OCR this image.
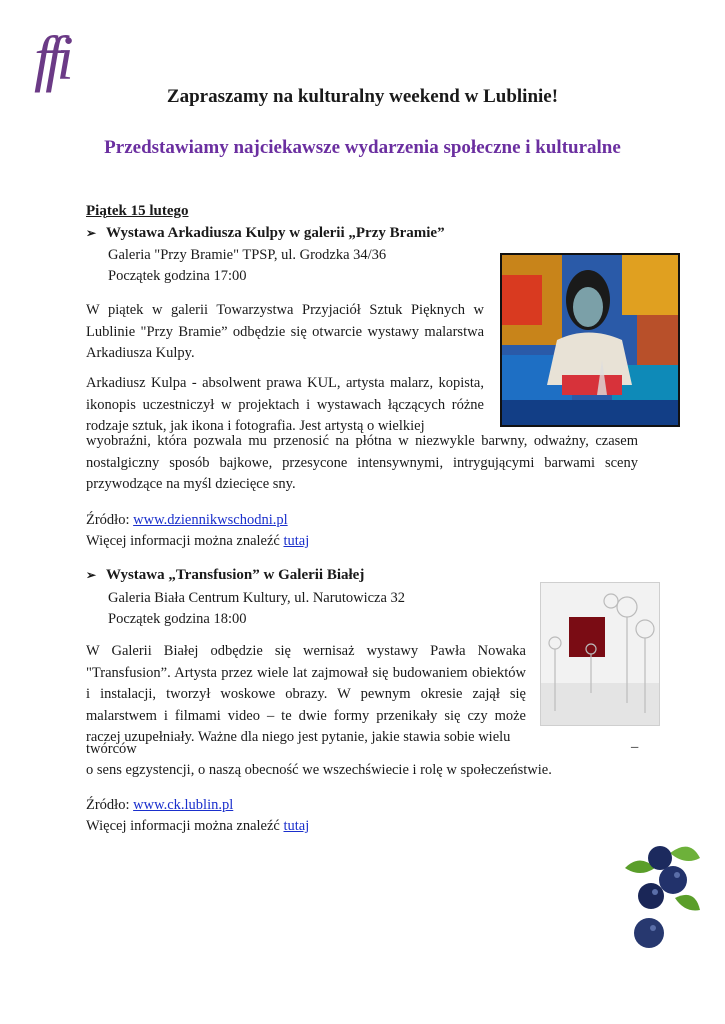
ffi
Zapraszamy na kulturalny weekend w Lublinie!
Przedstawiamy najciekawsze wydarzenia społeczne i kulturalne
Piątek 15 lutego
➢ Wystawa Arkadiusza Kulpy w galerii „Przy Bramie”
Galeria "Przy Bramie" TPSP, ul. Grodzka 34/36
Początek godzina 17:00
W piątek w galerii Towarzystwa Przyjaciół Sztuk Pięknych w Lublinie "Przy Bramie” odbędzie się otwarcie wystawy malarstwa Arkadiusza Kulpy.
Arkadiusz Kulpa - absolwent prawa KUL, artysta malarz, kopista, ikonopis uczestniczył w projektach i wystawach łączących różne rodzaje sztuk, jak ikona i fotografia. Jest artystą o wielkiej
wyobraźni, która pozwala mu przenosić na płótna w niezwykle barwny, odważny, czasem nostalgiczny sposób bajkowe, przesycone intensywnymi, intrygującymi barwami sceny przywodzące na myśl dziecięce sny.
Źródło: www.dziennikwschodni.pl
Więcej informacji można znaleźć tutaj
➢ Wystawa „Transfusion” w Galerii Białej
Galeria Biała Centrum Kultury, ul. Narutowicza 32
Początek godzina 18:00
W Galerii Białej odbędzie się wernisaż wystawy Pawła Nowaka "Transfusion”. Artysta przez wiele lat zajmował się budowaniem obiektów i instalacji, tworzył woskowe obrazy. W pewnym okresie zajął się malarstwem i filmami video – te dwie formy przenikały się czy może raczej uzupełniały. Ważne dla niego jest pytanie, jakie stawia sobie wielu
twórców	–
o sens egzystencji, o naszą obecność we wszechświecie i rolę w społeczeństwie.
Źródło: www.ck.lublin.pl
Więcej informacji można znaleźć tutaj
